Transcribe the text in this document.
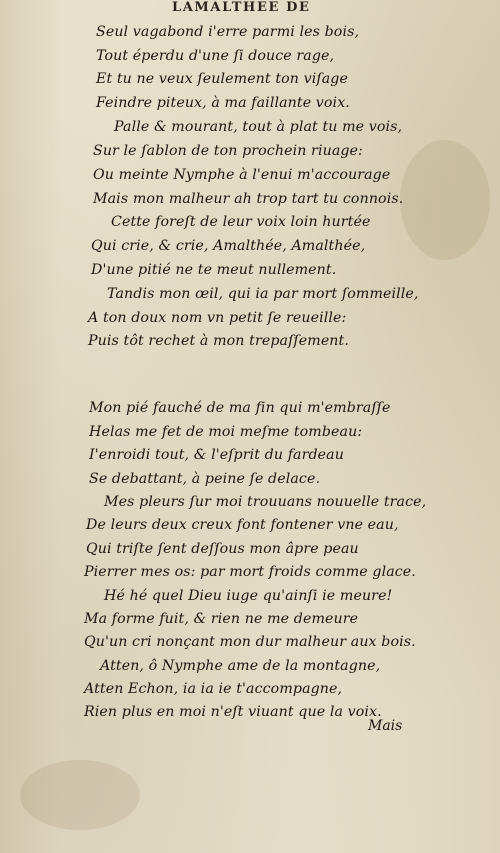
LAMALTHEE DE
Seul vagabond i'erre parmi les bois,
Tout éperdu d'une ſi douce rage,
Et tu ne veux ſeulement ton viſage
Feindre piteux, à ma faillante voix.
Palle & mourant, tout à plat tu me vois,
Sur le ſablon de ton prochein riuage:
Ou meinte Nymphe à l'enui m'accourage
Mais mon malheur ah trop tart tu connois.
Cette foreſt de leur voix loin hurtée
Qui crie, & crie, Amalthée, Amalthée,
D'une pitié ne te meut nullement.
Tandis mon œil, qui ia par mort ſommeille,
A ton doux nom vn petit ſe reueille:
Puis tôt rechet à mon trepaſſement.
Mon pié fauché de ma fin qui m'embraſſe
Helas me fet de moi meſme tombeau:
I'enroidi tout, & l'eſprit du fardeau
Se debattant, à peine ſe delace.
Mes pleurs ſur moi trouuans nouuelle trace,
De leurs deux creux font fontener vne eau,
Qui triſte ſent deſſous mon âpre peau
Pierrer mes os: par mort froids comme glace.
Hé hé quel Dieu iuge qu'ainſi ie meure!
Ma forme fuit, & rien ne me demeure
Qu'un cri nonçant mon dur malheur aux bois.
Atten, ô Nymphe ame de la montagne,
Atten Echon, ia ia ie t'accompagne,
Rien plus en moi n'eſt viuant que la voix.
Mais
